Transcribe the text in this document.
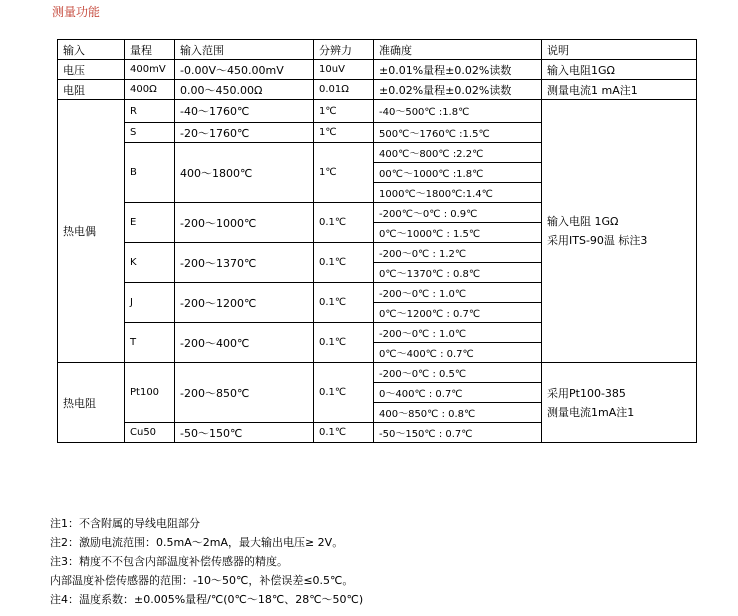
测量功能
输入	量程	输入范围	分辨力	准确度	说明
电压	400mV	-0.00V～450.00mV	10uV	±0.01%量程±0.02%读数	输入电阻1GΩ
电阻	400Ω	0.00～450.00Ω	0.01Ω	±0.02%量程±0.02%读数	测量电流1 mA注1
热电偶	R	-40～1760℃	1℃	-40～500℃ :1.8℃	输入电阻 1GΩ
采用ITS-90温 标注3

	S	-20～1760℃	1℃	500℃～1760℃ :1.5℃	
	B	400～1800℃	1℃	400℃～800℃ :2.2℃	
				00℃～1000℃ :1.8℃	
				1000℃～1800℃:1.4℃	
	E	-200～1000℃	0.1℃	-200℃～0℃ : 0.9℃	
				0℃～1000℃ : 1.5℃	
	K	-200～1370℃	0.1℃	-200～0℃ : 1.2℃	
				0℃～1370℃ : 0.8℃	
	J	-200～1200℃	0.1℃	-200～0℃ : 1.0℃	
				0℃～1200℃ : 0.7℃	
	T	-200～400℃	0.1℃	-200～0℃ : 1.0℃	
				0℃～400℃ : 0.7℃	
热电阻	Pt100	-200～850℃	0.1℃	-200～0℃ : 0.5℃	采用Pt100-385
测量电流1mA注1

				0～400℃ : 0.7℃	
				400～850℃ : 0.8℃	
	Cu50	-50～150℃	0.1℃	-50～150℃ : 0.7℃	

注1：不含附属的导线电阻部分
注2：激励电流范围：0.5mA～2mA，最大输出电压≥ 2V。
注3：精度不不包含内部温度补偿传感器的精度。
内部温度补偿传感器的范围：-10～50℃，补偿误差≤0.5℃。
注4：温度系数：±0.005%量程/℃(0℃～18℃、28℃～50℃)
